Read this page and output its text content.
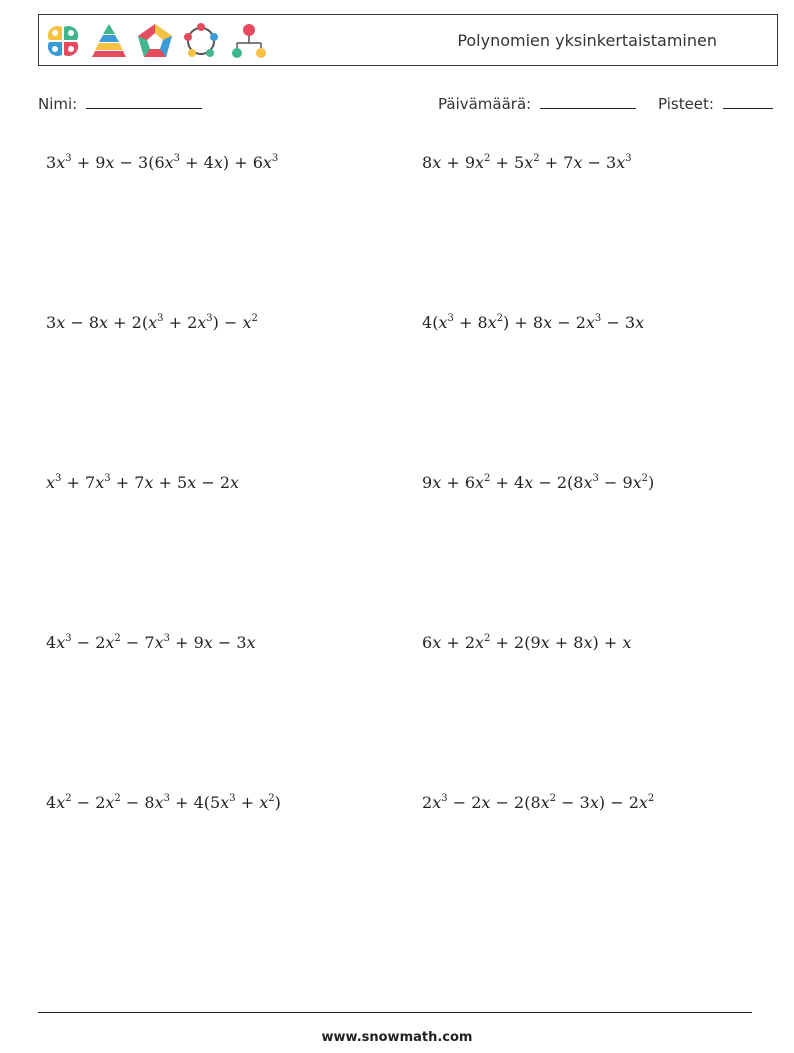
Polynomien yksinkertaistaminen
Nimi:	Päivämäärä:	Pisteet:
$3x^3 + 9x - 3(6x^3 + 4x) + 6x^3$	$8x + 9x^2 + 5x^2 + 7x - 3x^3$
$3x - 8x + 2(x^3 + 2x^3) - x^2$	$4(x^3 + 8x^2) + 8x - 2x^3 - 3x$
$x^3 + 7x^3 + 7x + 5x - 2x$	$9x + 6x^2 + 4x - 2(8x^3 - 9x^2)$
$4x^3 - 2x^2 - 7x^3 + 9x - 3x$	$6x + 2x^2 + 2(9x + 8x) + x$
$4x^2 - 2x^2 - 8x^3 + 4(5x^3 + x^2)$	$2x^3 - 2x - 2(8x^2 - 3x) - 2x^2$
www.snowmath.com
